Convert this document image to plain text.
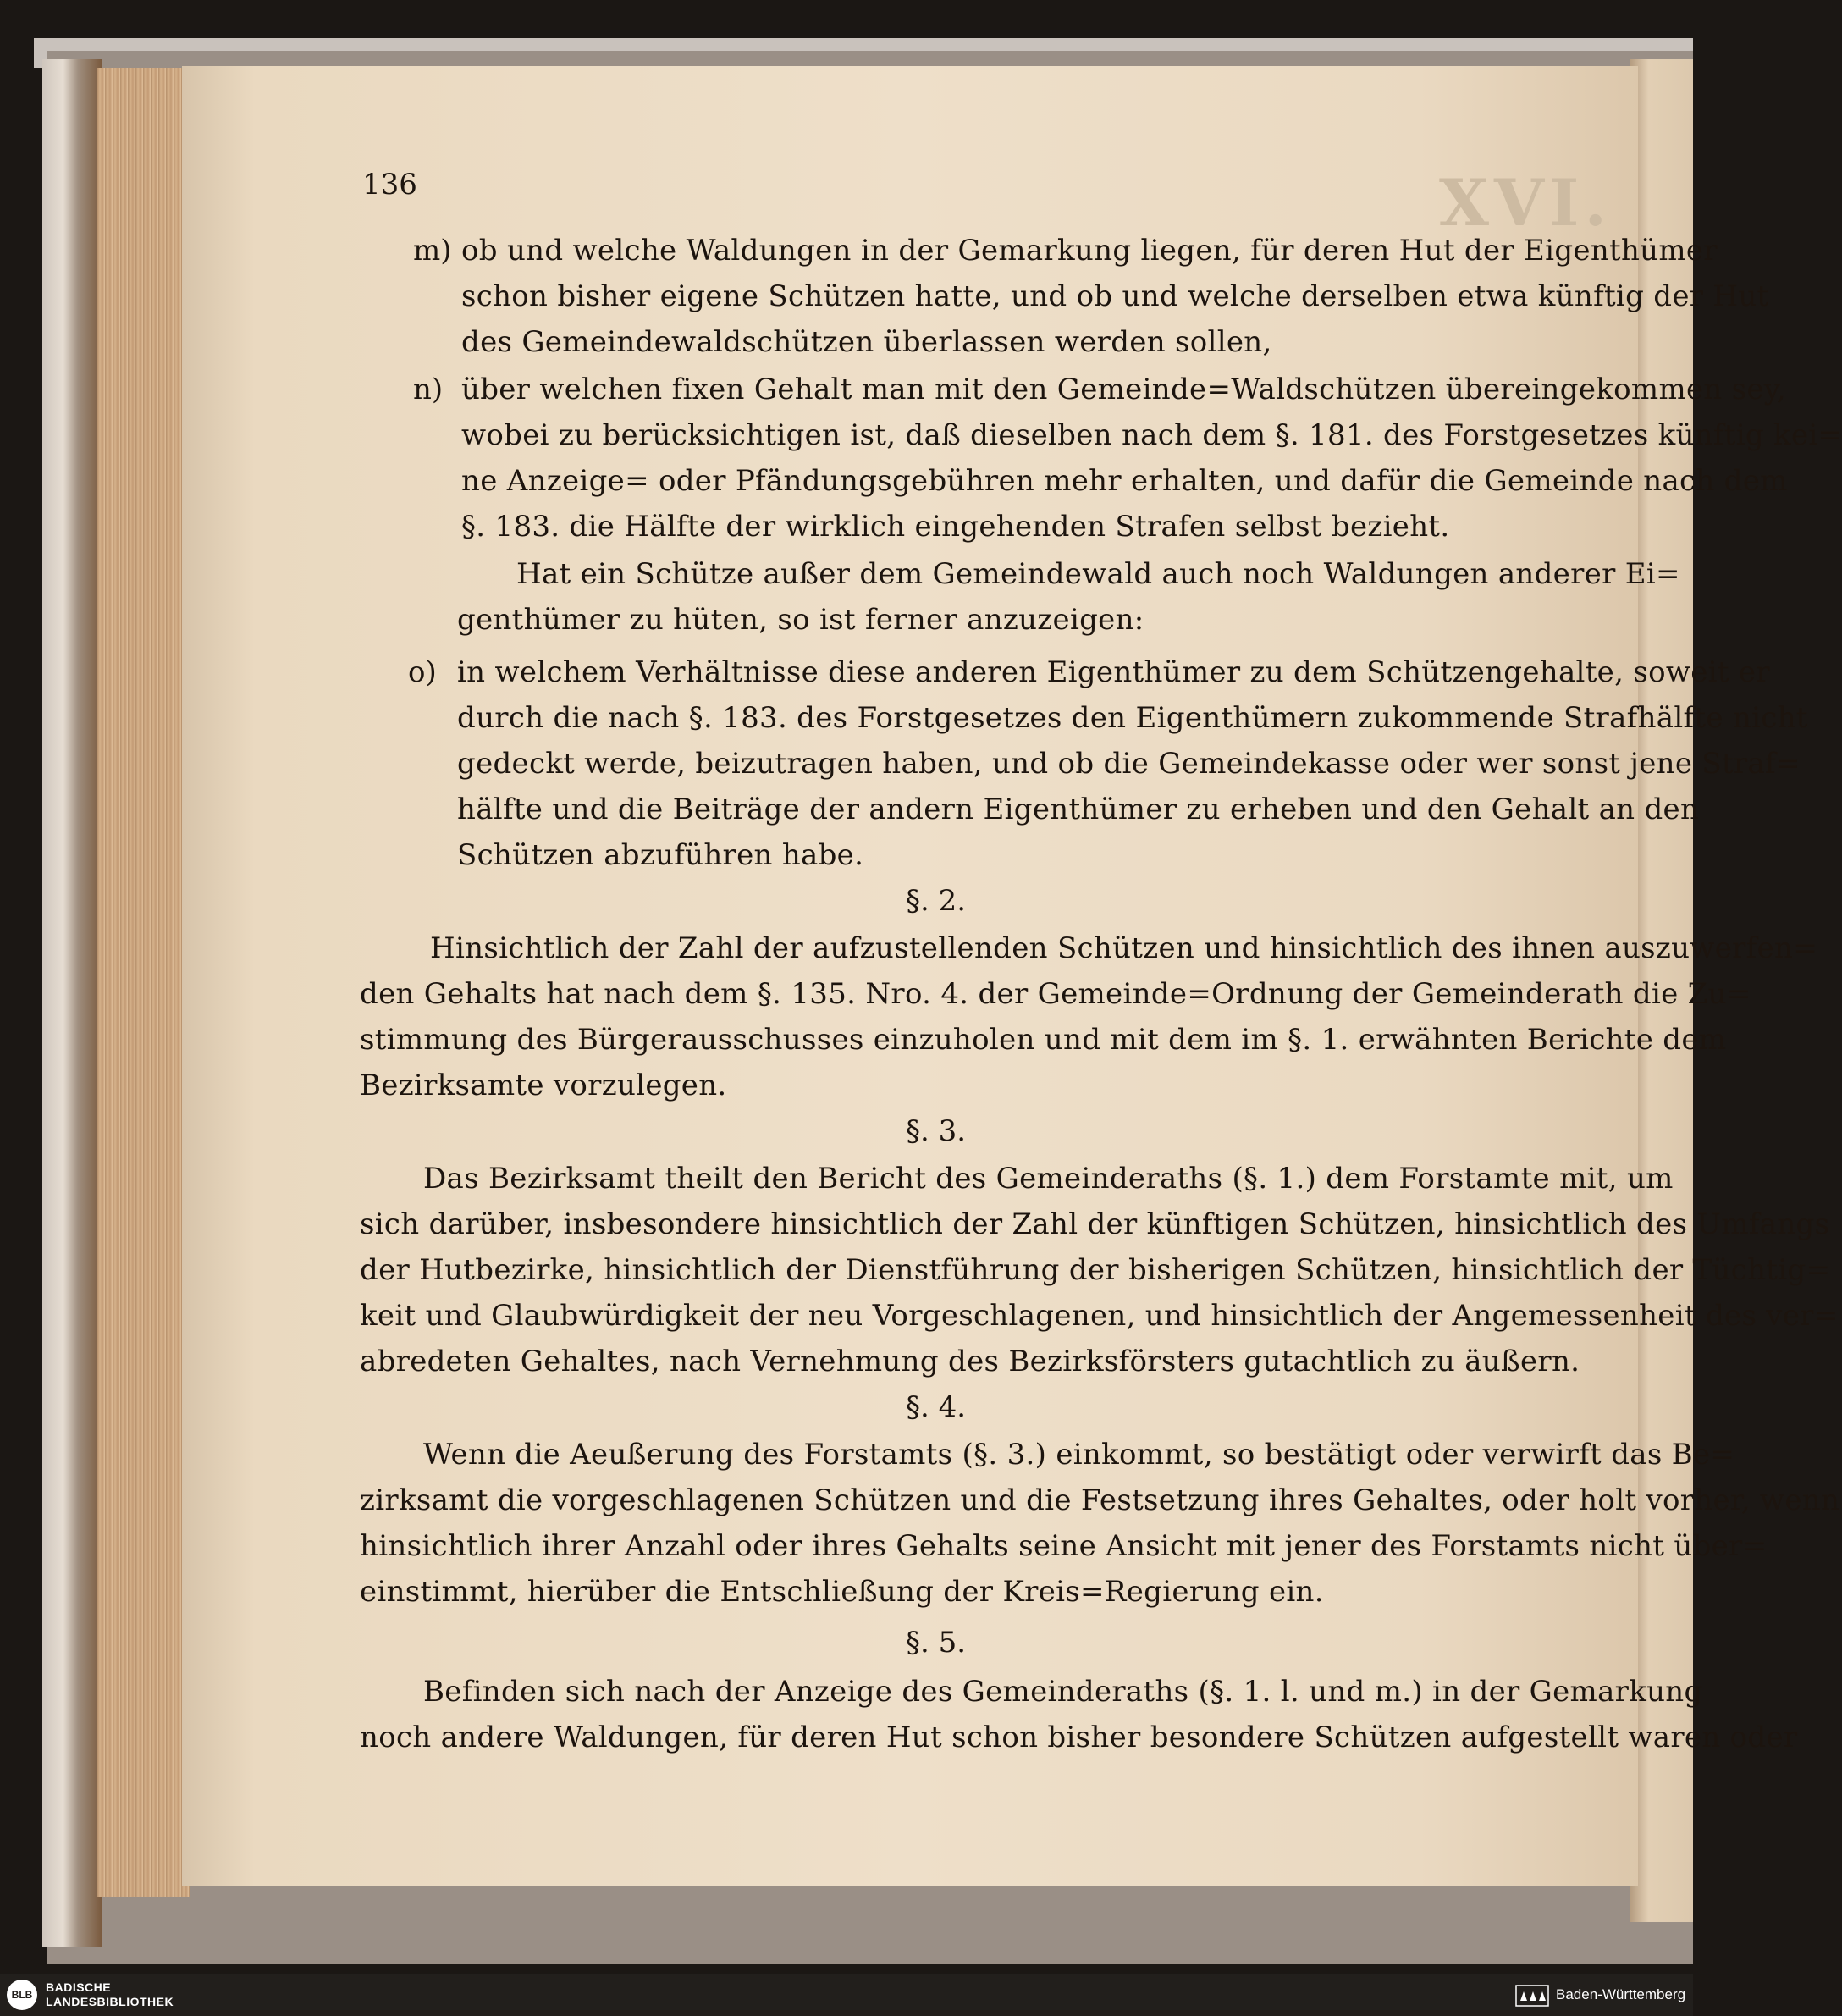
XVI.
136
m) ob und welche Waldungen in der Gemarkung liegen, für deren Hut der Eigenthümer
schon bisher eigene Schützen hatte, und ob und welche derselben etwa künftig der Hut
des Gemeindewaldschützen überlassen werden sollen,
n) über welchen fixen Gehalt man mit den Gemeinde=Waldschützen übereingekommen sey,
wobei zu berücksichtigen ist, daß dieselben nach dem §. 181. des Forstgesetzes künftig kei=
ne Anzeige= oder Pfändungsgebühren mehr erhalten, und dafür die Gemeinde nach dem
§. 183. die Hälfte der wirklich eingehenden Strafen selbst bezieht.
Hat ein Schütze außer dem Gemeindewald auch noch Waldungen anderer Ei=
genthümer zu hüten, so ist ferner anzuzeigen:
o) in welchem Verhältnisse diese anderen Eigenthümer zu dem Schützengehalte, soweit er
durch die nach §. 183. des Forstgesetzes den Eigenthümern zukommende Strafhälfte nicht
gedeckt werde, beizutragen haben, und ob die Gemeindekasse oder wer sonst jene Straf=
hälfte und die Beiträge der andern Eigenthümer zu erheben und den Gehalt an den
Schützen abzuführen habe.
§. 2.
Hinsichtlich der Zahl der aufzustellenden Schützen und hinsichtlich des ihnen auszuwerfen=
den Gehalts hat nach dem §. 135. Nro. 4. der Gemeinde=Ordnung der Gemeinderath die Zu=
stimmung des Bürgerausschusses einzuholen und mit dem im §. 1. erwähnten Berichte dem
Bezirksamte vorzulegen.
§. 3.
Das Bezirksamt theilt den Bericht des Gemeinderaths (§. 1.) dem Forstamte mit, um
sich darüber, insbesondere hinsichtlich der Zahl der künftigen Schützen, hinsichtlich des Umfangs
der Hutbezirke, hinsichtlich der Dienstführung der bisherigen Schützen, hinsichtlich der Tüchtig=
keit und Glaubwürdigkeit der neu Vorgeschlagenen, und hinsichtlich der Angemessenheit des ver=
abredeten Gehaltes, nach Vernehmung des Bezirksförsters gutachtlich zu äußern.
§. 4.
Wenn die Aeußerung des Forstamts (§. 3.) einkommt, so bestätigt oder verwirft das Be=
zirksamt die vorgeschlagenen Schützen und die Festsetzung ihres Gehaltes, oder holt vorher, wenn
hinsichtlich ihrer Anzahl oder ihres Gehalts seine Ansicht mit jener des Forstamts nicht über=
einstimmt, hierüber die Entschließung der Kreis=Regierung ein.
§. 5.
Befinden sich nach der Anzeige des Gemeinderaths (§. 1. l. und m.) in der Gemarkung
noch andere Waldungen, für deren Hut schon bisher besondere Schützen aufgestellt waren oder
BLB
BADISCHE
LANDESBIBLIOTHEK	Baden-Württemberg
